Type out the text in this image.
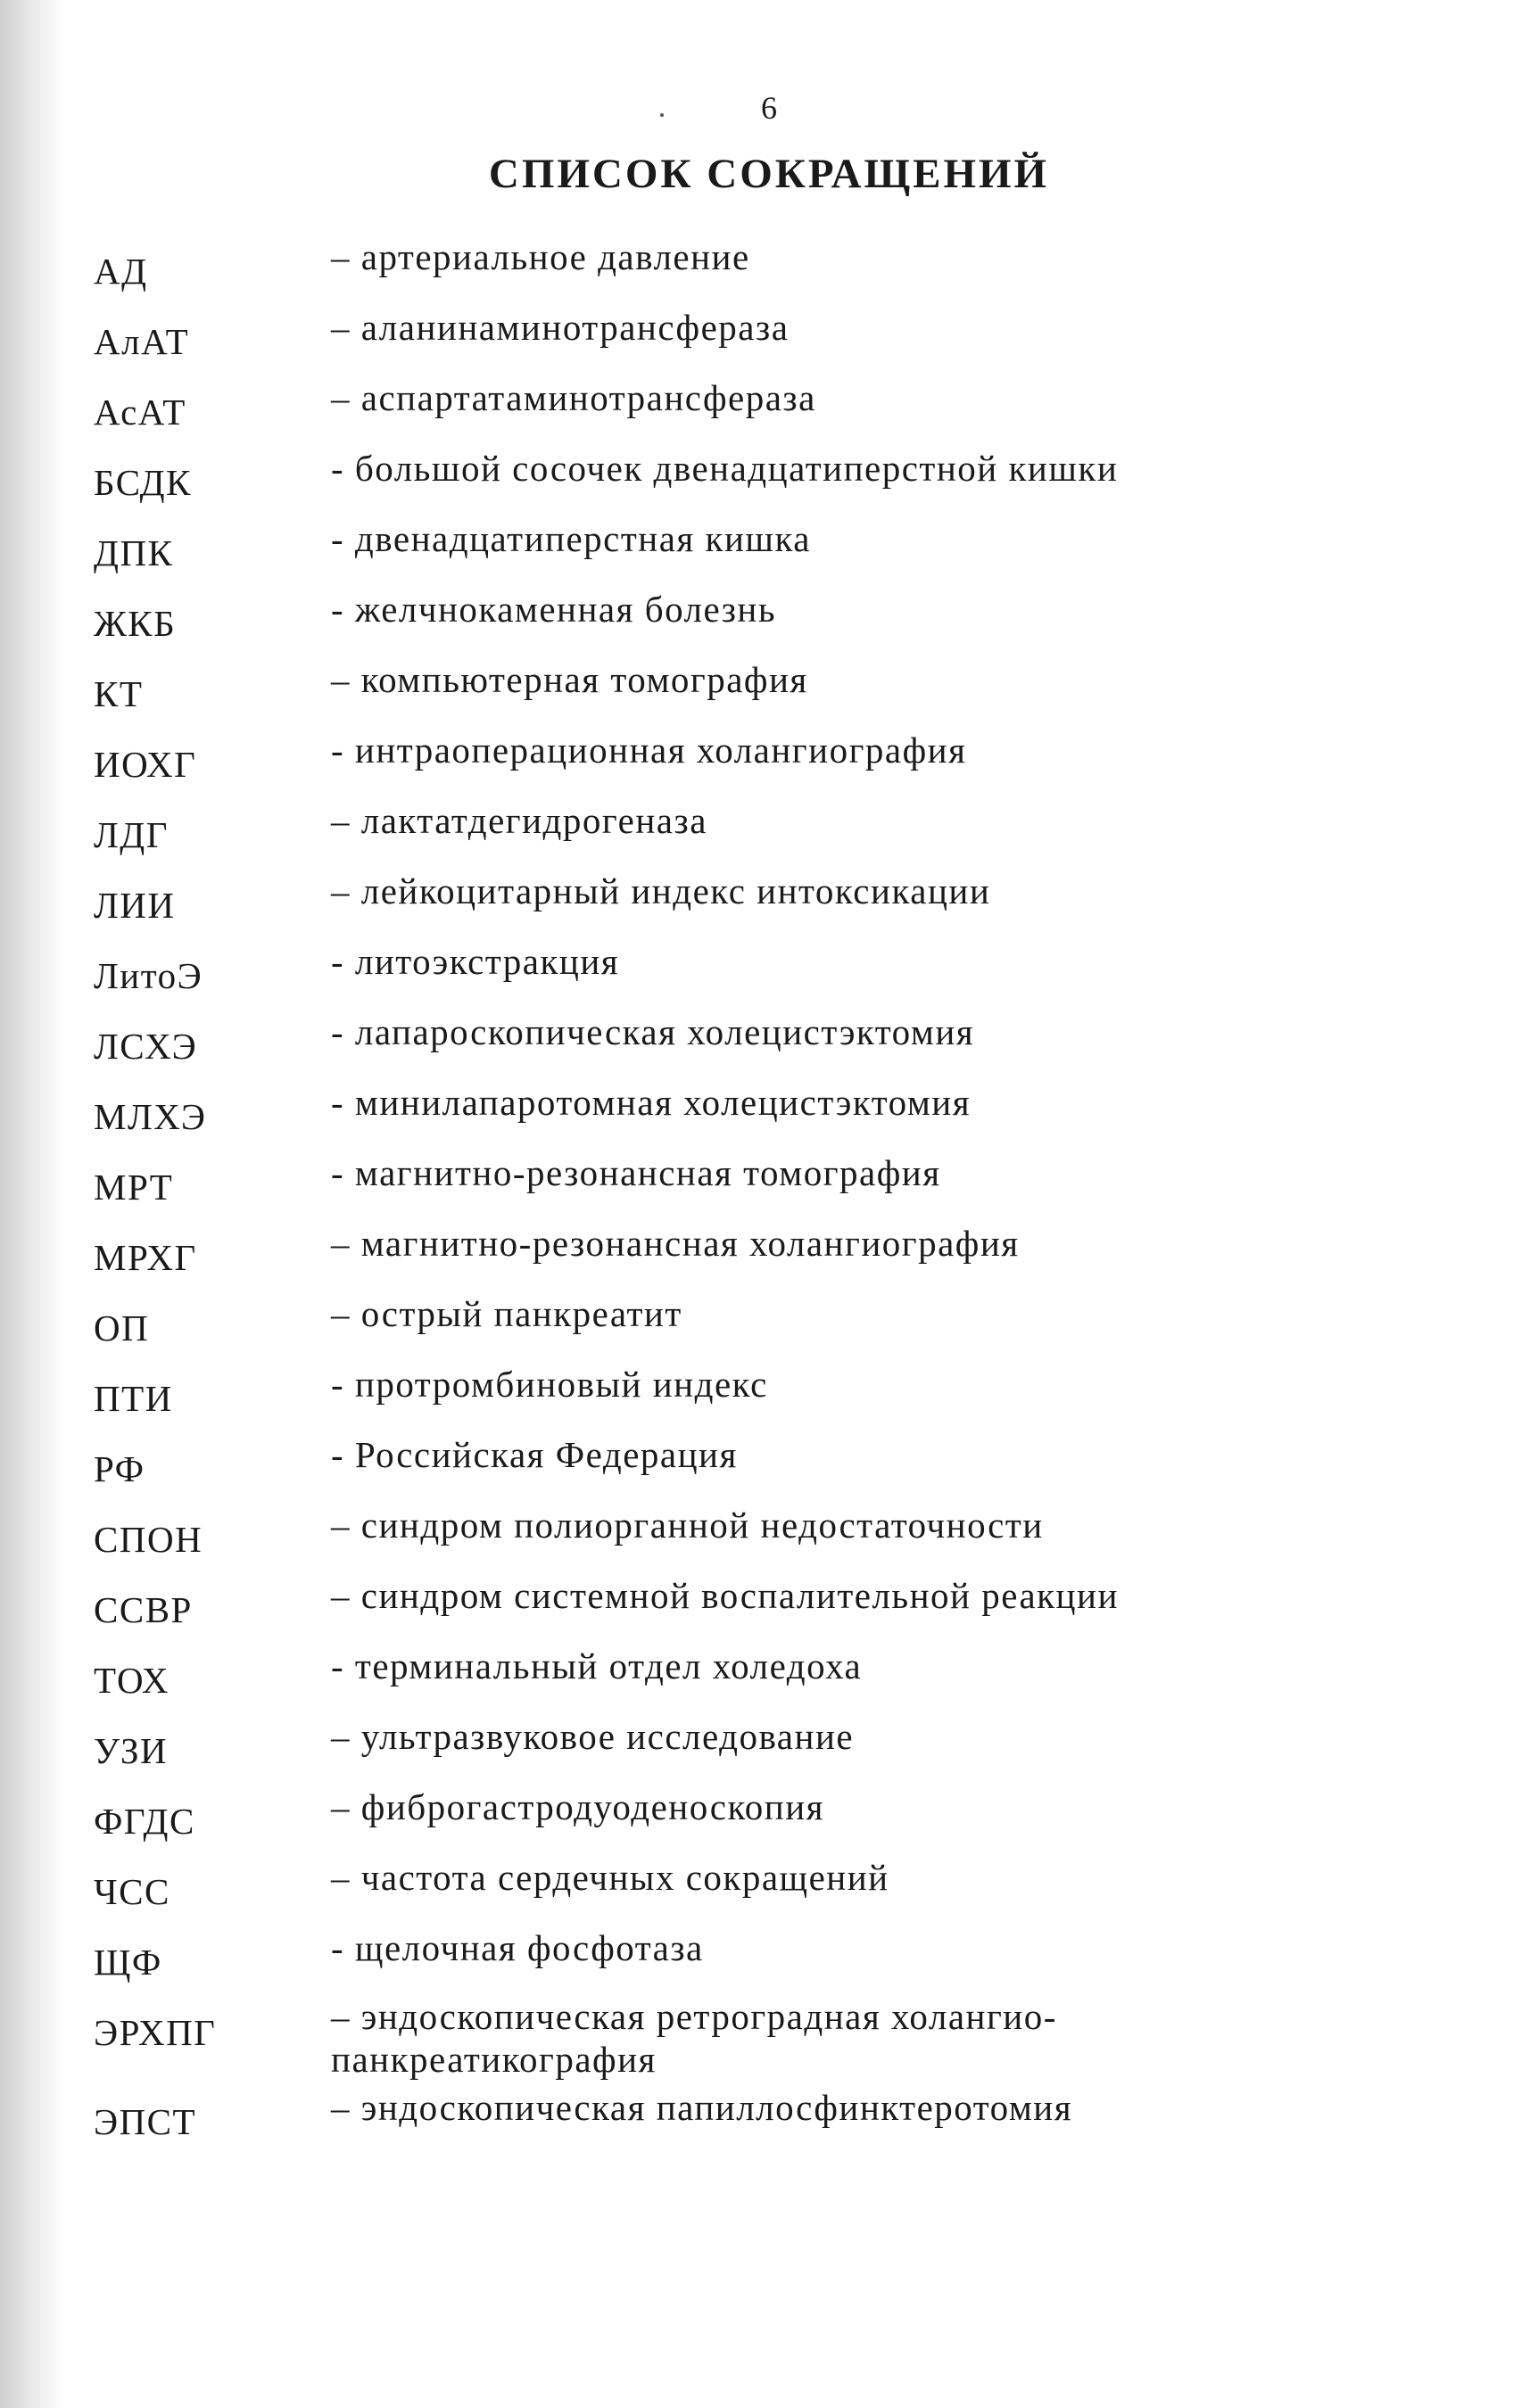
6
СПИСОК СОКРАЩЕНИЙ
АД	– артериальное давление
АлАТ	– аланинаминотрансфераза
АсАТ	– аспартатаминотрансфераза
БСДК	- большой сосочек двенадцатиперстной кишки
ДПК	- двенадцатиперстная кишка
ЖКБ	- желчнокаменная болезнь
КТ	– компьютерная томография
ИОХГ	- интраоперационная холангиография
ЛДГ	– лактатдегидрогеназа
ЛИИ	– лейкоцитарный индекс интоксикации
ЛитоЭ	- литоэкстракция
ЛСХЭ	- лапароскопическая холецистэктомия
МЛХЭ	- минилапаротомная холецистэктомия
МРТ	- магнитно-резонансная томография
МРХГ	– магнитно-резонансная холангиография
ОП	– острый панкреатит
ПТИ	- протромбиновый индекс
РФ	- Российская Федерация
СПОН	– синдром полиорганной недостаточности
ССВР	– синдром системной воспалительной реакции
ТОХ	- терминальный отдел холедоха
УЗИ	– ультразвуковое исследование
ФГДС	– фиброгастродуоденоскопия
ЧСС	– частота сердечных сокращений
ЩФ	- щелочная фосфотаза
ЭРХПГ	– эндоскопическая ретроградная холангио-
панкреатикография
ЭПСТ	– эндоскопическая папиллосфинктеротомия
